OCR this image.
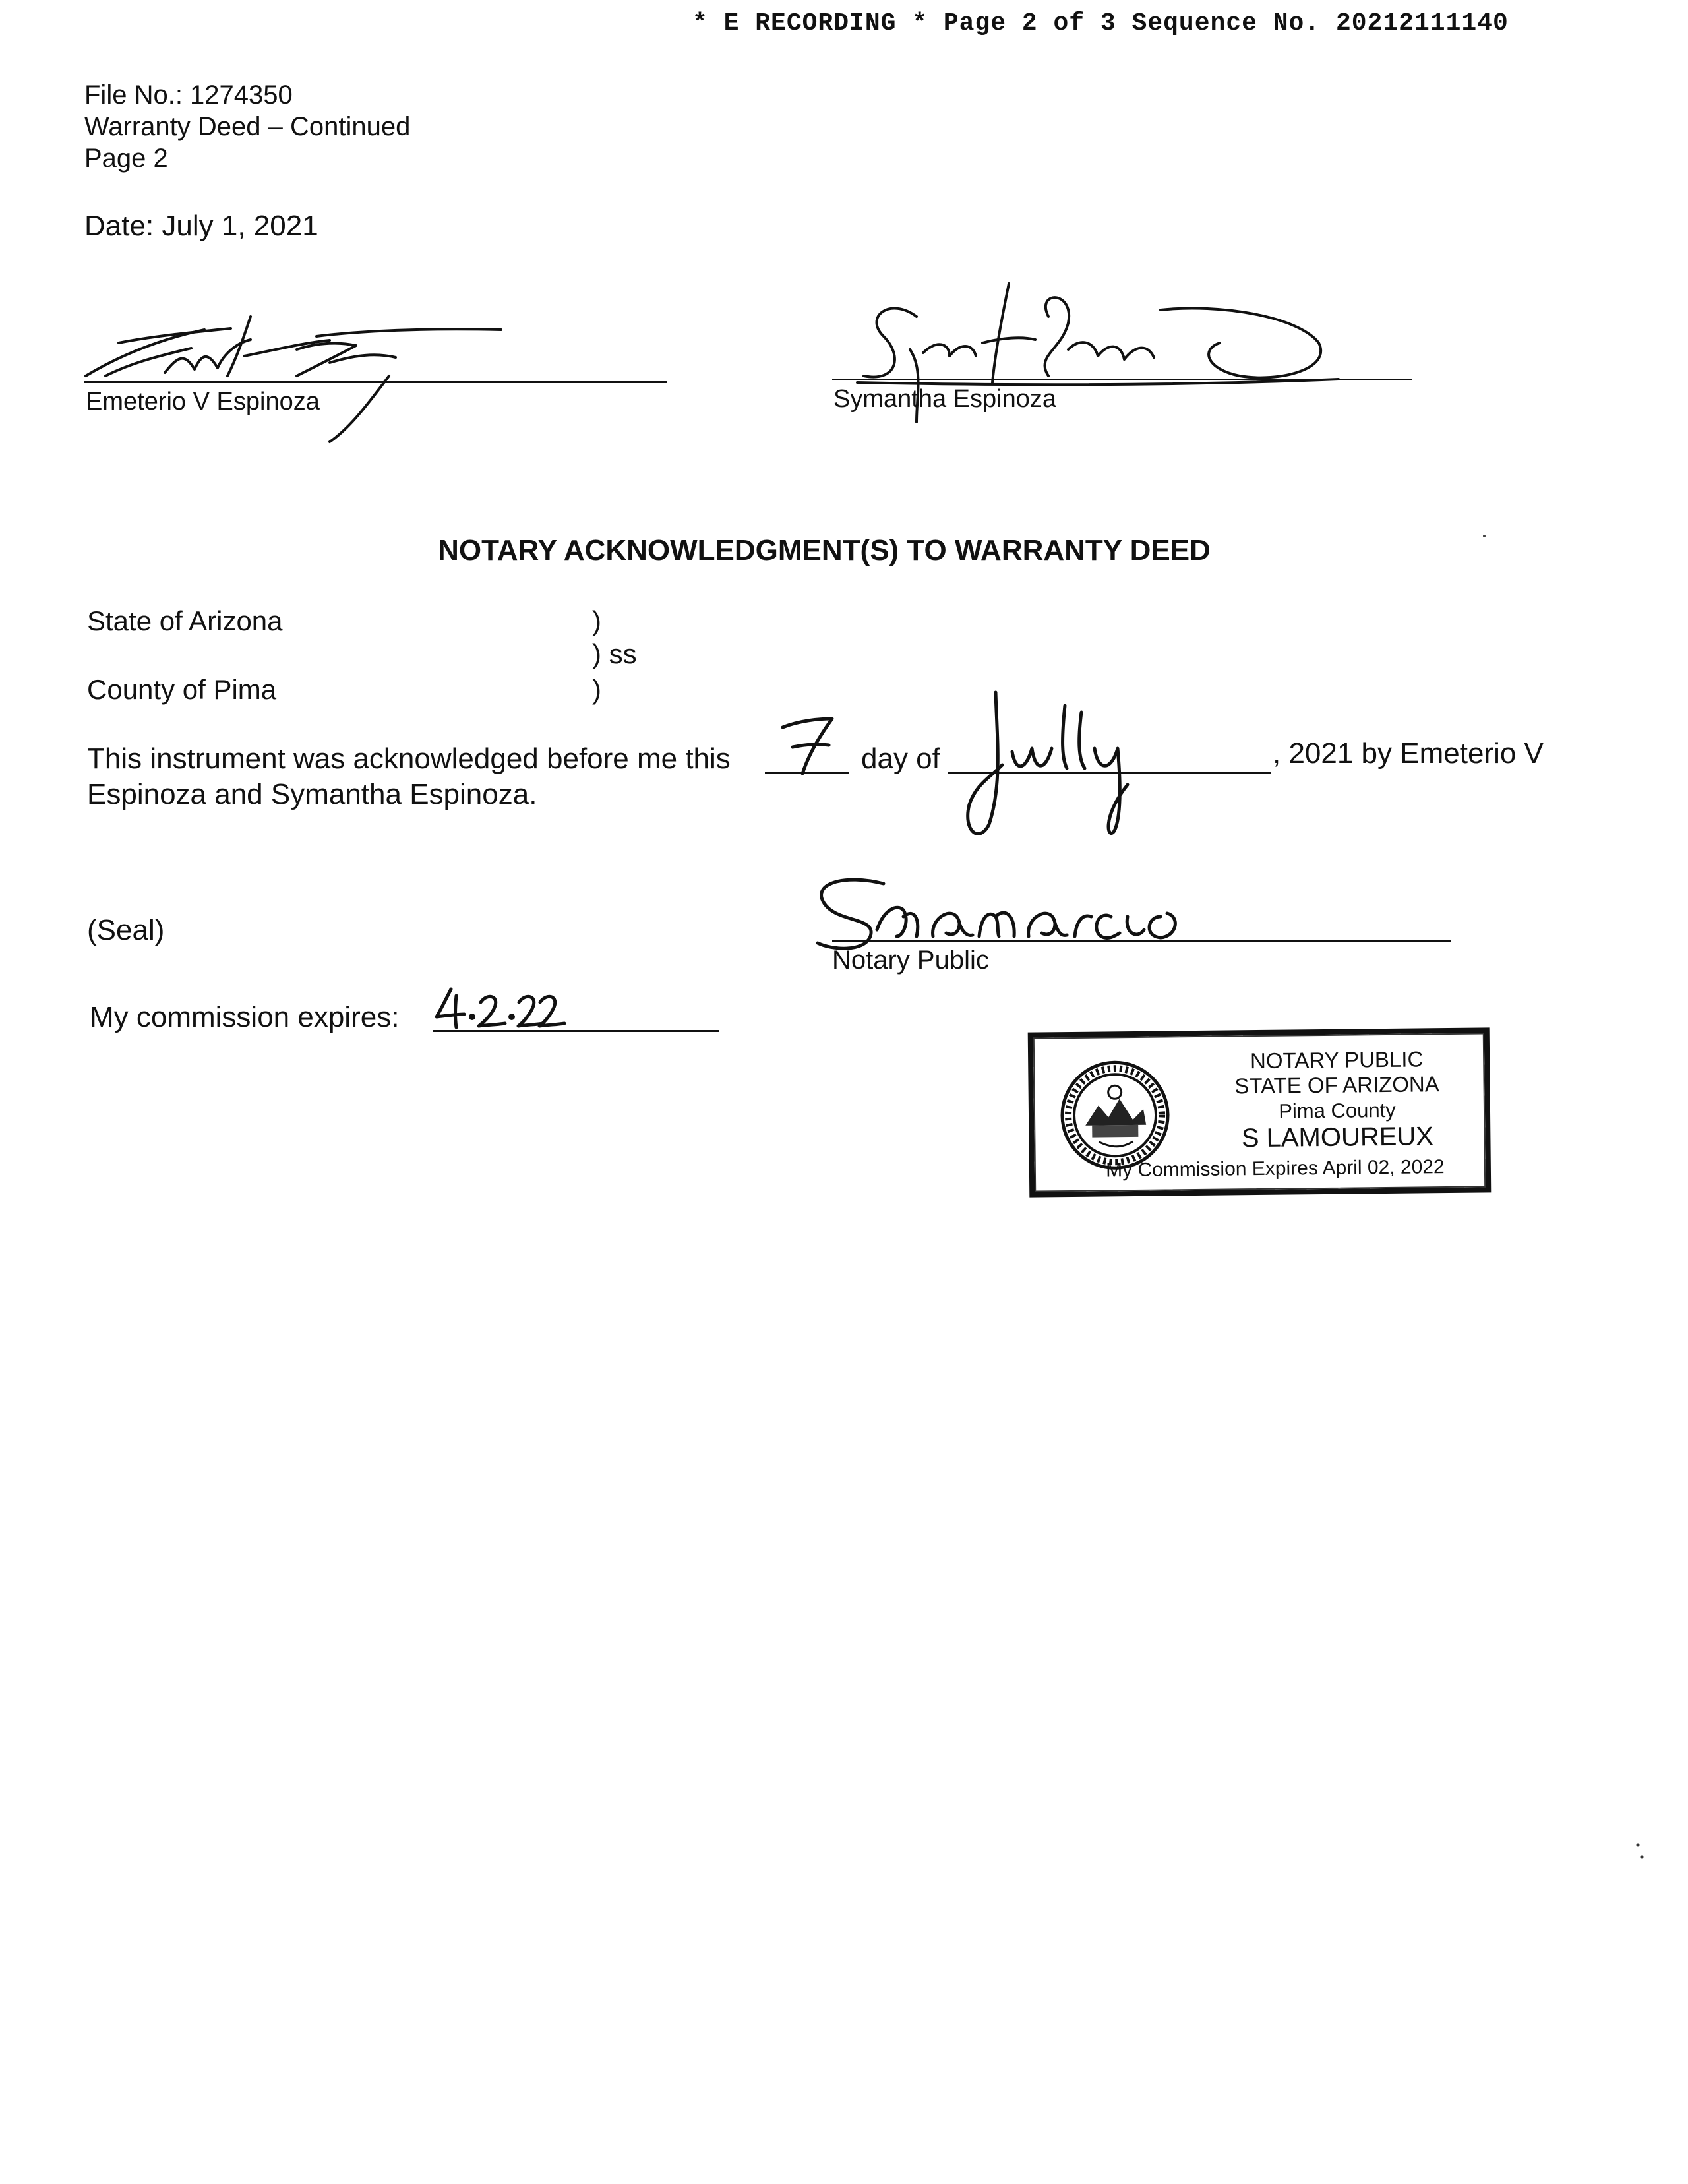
* E RECORDING * Page 2 of 3 Sequence No. 20212111140
File No.: 1274350
Warranty Deed – Continued
Page 2
Date: July 1, 2021
Emeterio V Espinoza	Symantha Espinoza
NOTARY ACKNOWLEDGMENT(S) TO WARRANTY DEED
State of Arizona	)
) ss
County of Pima	)
This instrument was acknowledged before me this	day of	, 2021 by Emeterio V
Espinoza and Symantha Espinoza.
(Seal)
Notary Public
My commission expires:
NOTARY PUBLIC
STATE OF ARIZONA
Pima County
S LAMOUREUX
My Commission Expires April 02, 2022
